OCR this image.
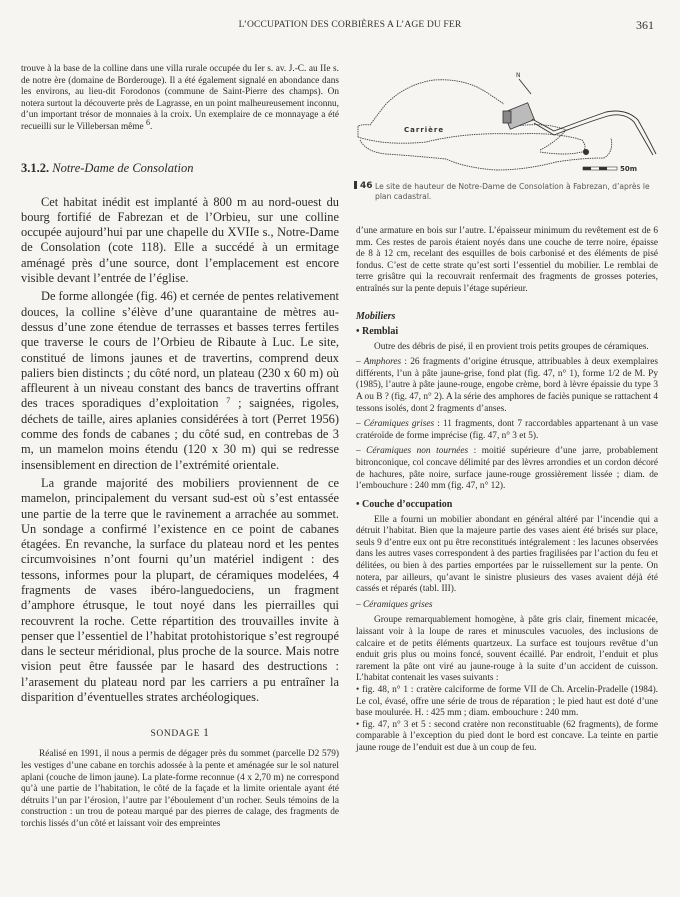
L’OCCUPATION DES CORBIÈRES A L’AGE DU FER	361

trouve à la base de la colline dans une villa rurale occupée du Ier s. av. J.-C. au IIe s. de notre ère (domaine de Borderouge). Il a été également signalé en abondance dans les environs, au lieu-dit Forodonos (commune de Saint-Pierre des champs). On notera surtout la découverte près de Lagrasse, en un point malheureusement inconnu, d’un important trésor de monnaies à la croix. Un exemplaire de ce monnayage a été recueilli sur le Villebersan même 6.

3.1.2. Notre-Dame de Consolation

Cet habitat inédit est implanté à 800 m au nord-ouest du bourg fortifié de Fabrezan et de l’Orbieu, sur une colline occupée aujourd’hui par une chapelle du XVIIe s., Notre-Dame de Consolation (cote 118). Elle a succédé à un ermitage aménagé près d’une source, dont l’emplacement est encore visible devant l’entrée de l’église.

De forme allongée (fig. 46) et cernée de pentes relativement douces, la colline s’élève d’une quarantaine de mètres au-dessus d’une zone étendue de terrasses et basses terres fertiles que traverse le cours de l’Orbieu de Ribaute à Luc. Le site, constitué de limons jaunes et de travertins, comprend deux paliers bien distincts ; du côté nord, un plateau (230 x 60 m) où affleurent à un niveau constant des bancs de travertins offrant des traces sporadiques d’exploitation $^7$ ; saignées, rigoles, déchets de taille, aires aplanies considérées à tort (Perret 1956) comme des fonds de cabanes ; du côté sud, en contrebas de 3 m, un mamelon moins étendu (120 x 30 m) qui se redresse insensiblement en direction de l’extrémité orientale.

La grande majorité des mobiliers proviennent de ce mamelon, principalement du versant sud-est où s’est entassée une partie de la terre que le ravinement a arrachée au sommet. Un sondage a confirmé l’existence en ce point de cabanes étagées. En revanche, la surface du plateau nord et les pentes circumvoisines n’ont fourni qu’un matériel indigent : des tessons, informes pour la plupart, de céramiques modelées, 4 fragments de vases ibéro-languedociens, un fragment d’amphore étrusque, le tout noyé dans les pierrailles qui recouvrent la roche. Cette répartition des trouvailles invite à penser que l’essentiel de l’habitat protohistorique s’est regroupé dans le secteur méridional, plus proche de la source. Mais notre vision peut être faussée par le hasard des destructions : l’arasement du plateau nord par les carriers a pu entraîner la disparition d’éventuelles strates archéologiques.

SONDAGE 1

Réalisé en 1991, il nous a permis de dégager près du sommet (parcelle D2 579) les vestiges d’une cabane en torchis adossée à la pente et aménagée sur le sol naturel aplani (couche de limon jaune). La plate-forme reconnue (4 x 2,70 m) ne correspond qu’à une partie de l’habitation, le côté de la façade et la limite orientale ayant été détruits l’un par l’érosion, l’autre par l’éboulement d’un rocher. Seuls témoins de la construction : un trou de poteau marqué par des pierres de calage, des fragments de torchis lissés d’un côté et laissant voir des empreintes

N
Carrière
50m
46 Le site de hauteur de Notre-Dame de Consolation à Fabrezan, d’après le plan cadastral.

d’une armature en bois sur l’autre. L’épaisseur minimum du revêtement est de 6 mm. Ces restes de parois étaient noyés dans une couche de terre noire, épaisse de 8 à 12 cm, recelant des esquilles de bois carbonisé et des éléments de pisé fondus. C’est de cette strate qu’est sorti l’essentiel du mobilier. Le remblai de terre grisâtre qui la recouvrait renfermait des fragments de grosses poteries, entraînés sur la pente depuis l’étage supérieur.

Mobiliers
• Remblai

Outre des débris de pisé, il en provient trois petits groupes de céramiques.

– Amphores : 26 fragments d’origine étrusque, attribuables à deux exemplaires différents, l’un à pâte jaune-grise, fond plat (fig. 47, n° 1), forme 1/2 de M. Py (1985), l’autre à pâte jaune-rouge, engobe crème, bord à lèvre épaissie du type 3 A ou B ? (fig. 47, n° 2). A la série des amphores de faciès punique se rattachent 4 tessons isolés, dont 2 fragments d’anses.

– Céramiques grises : 11 fragments, dont 7 raccordables appartenant à un vase cratéroïde de forme imprécise (fig. 47, n° 3 et 5).

– Céramiques non tournées : moitié supérieure d’une jarre, probablement bitronconique, col concave délimité par des lèvres arrondies et un cordon décoré de hachures, pâte noire, surface jaune-rouge grossièrement lissée ; diam. de l’embouchure : 240 mm (fig. 47, n° 12).

• Couche d’occupation

Elle a fourni un mobilier abondant en général altéré par l’incendie qui a détruit l’habitat. Bien que la majeure partie des vases aient été brisés sur place, seuls 9 d’entre eux ont pu être reconstitués intégralement : les lacunes observées dans les autres vases correspondent à des parties fragilisées par l’action du feu et délitées, ou bien à des parties emportées par le ruissellement sur la pente. On notera, par ailleurs, qu’avant le sinistre plusieurs des vases avaient déjà été cassés et réparés (tabl. III).

– Céramiques grises

Groupe remarquablement homogène, à pâte gris clair, finement micacée, laissant voir à la loupe de rares et minuscules vacuoles, des inclusions de calcaire et de petits éléments quartzeux. La surface est toujours revêtue d’un enduit gris plus ou moins foncé, souvent écaillé. Par endroit, l’enduit et plus rarement la pâte ont viré au jaune-rouge à la suite d’un accident de cuisson. L’habitat contenait les vases suivants :

• fig. 48, n° 1 : cratère calciforme de forme VII de Ch. Arcelin-Pradelle (1984). Le col, évasé, offre une série de trous de réparation ; le pied haut est doté d’une base moulurée. H. : 425 mm ; diam. embouchure : 240 mm.

• fig. 47, n° 3 et 5 : second cratère non reconstituable (62 fragments), de forme comparable à l’exception du pied dont le bord est concave. La teinte en partie jaune rouge de l’enduit est due à un coup de feu.
